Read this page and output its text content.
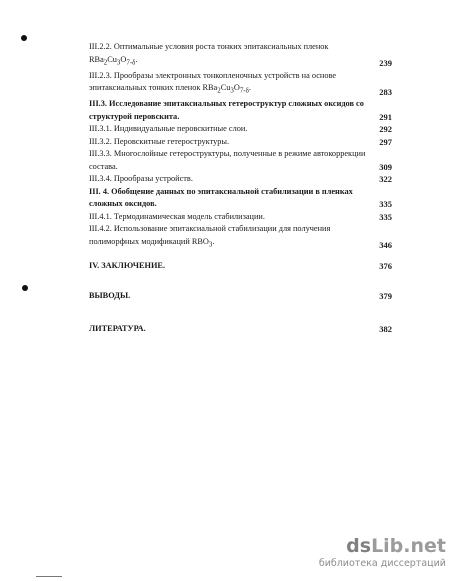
III.2.2. Оптимальные условия роста тонких эпитаксиальных пленок $RBa_2Cu_3O_{7-\delta}$.	239
III.2.3. Прообразы электронных тонкопленочных устройств на основе эпитаксиальных тонких пленок $RBa_2Cu_3O_{7-\delta}$.	283
III.3. Исследование эпитаксиальных гетероструктур сложных оксидов со структурой перовскита.	291
III.3.1. Индивидуальные перовскитные слои.	292
III.3.2. Перовскитные гетероструктуры.	297
III.3.3. Многослойные гетероструктуры, полученные в режиме автокоррекции состава.	309
III.3.4. Прообразы устройств.	322
III. 4. Обобщение данных по эпитаксиальной стабилизации в пленках сложных оксидов.	335
III.4.1. Термодинамическая модель стабилизации.	335
III.4.2. Использование эпитаксиальной стабилизации для получения полиморфных модификаций $RBO_3$.	346
IV. ЗАКЛЮЧЕНИЕ.	376
ВЫВОДЫ.	379
ЛИТЕРАТУРА.	382
dsLib.net
библиотека диссертаций
